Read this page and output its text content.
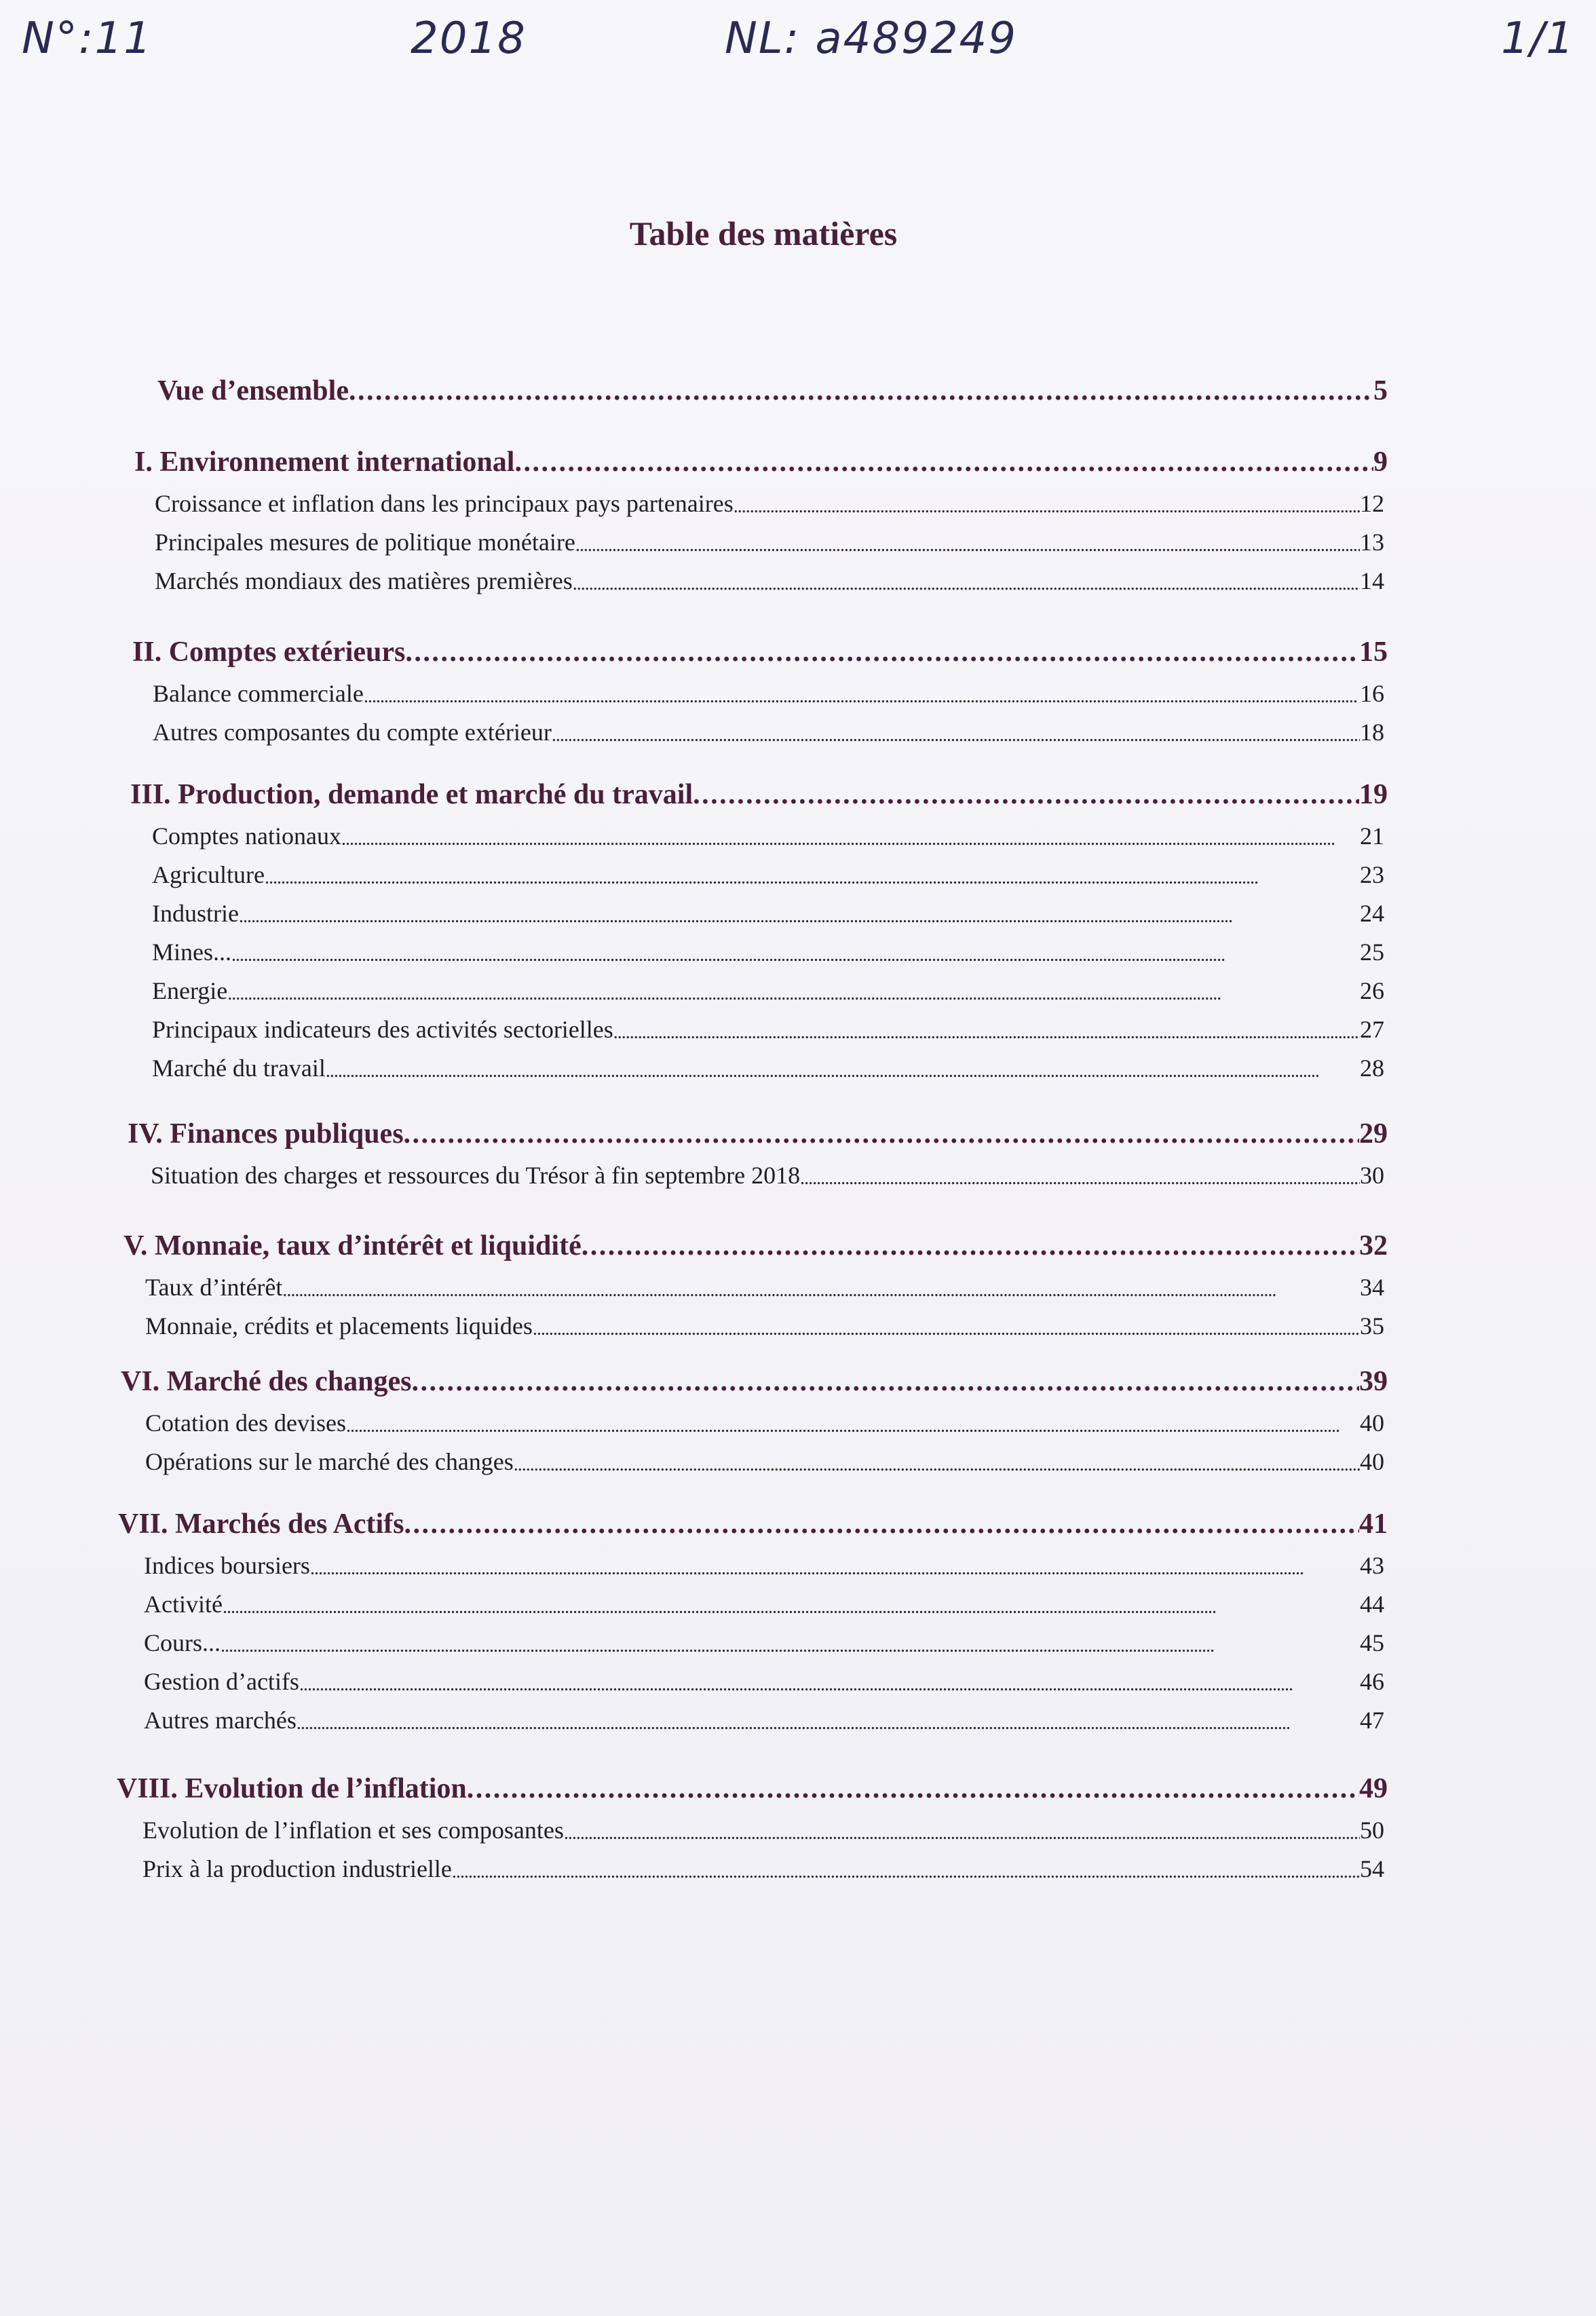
N°:11	2018	NL: a489249	1/1
Table des matières
Vue d’ensemble . . .	5
I. Environnement international . . .	9
Croissance et inflation dans les principaux pays partenaires . . .	12
Principales mesures de politique monétaire . . .	13
Marchés mondiaux des matières premières . . .	14
II. Comptes extérieurs . . .	15
Balance commerciale . . .	16
Autres composantes du compte extérieur . . .	18
III. Production, demande et marché du travail . . .	19
Comptes nationaux . . .	21
Agriculture . . .	23
Industrie . . .	24
Mines... . . .	25
Energie . . .	26
Principaux indicateurs des activités sectorielles . . .	27
Marché du travail . . .	28
IV. Finances publiques . . .	29
Situation des charges et ressources du Trésor à fin septembre 2018 . . .	30
V. Monnaie, taux d’intérêt et liquidité . . .	32
Taux d’intérêt . . .	34
Monnaie, crédits et placements liquides . . .	35
VI. Marché des changes . . .	39
Cotation des devises . . .	40
Opérations sur le marché des changes . . .	40
VII. Marchés des Actifs . . .	41
Indices boursiers . . .	43
Activité . . .	44
Cours... . . .	45
Gestion d’actifs . . .	46
Autres marchés . . .	47
VIII. Evolution de l’inflation . . .	49
Evolution de l’inflation et ses composantes . . .	50
Prix à la production industrielle . . .	54
